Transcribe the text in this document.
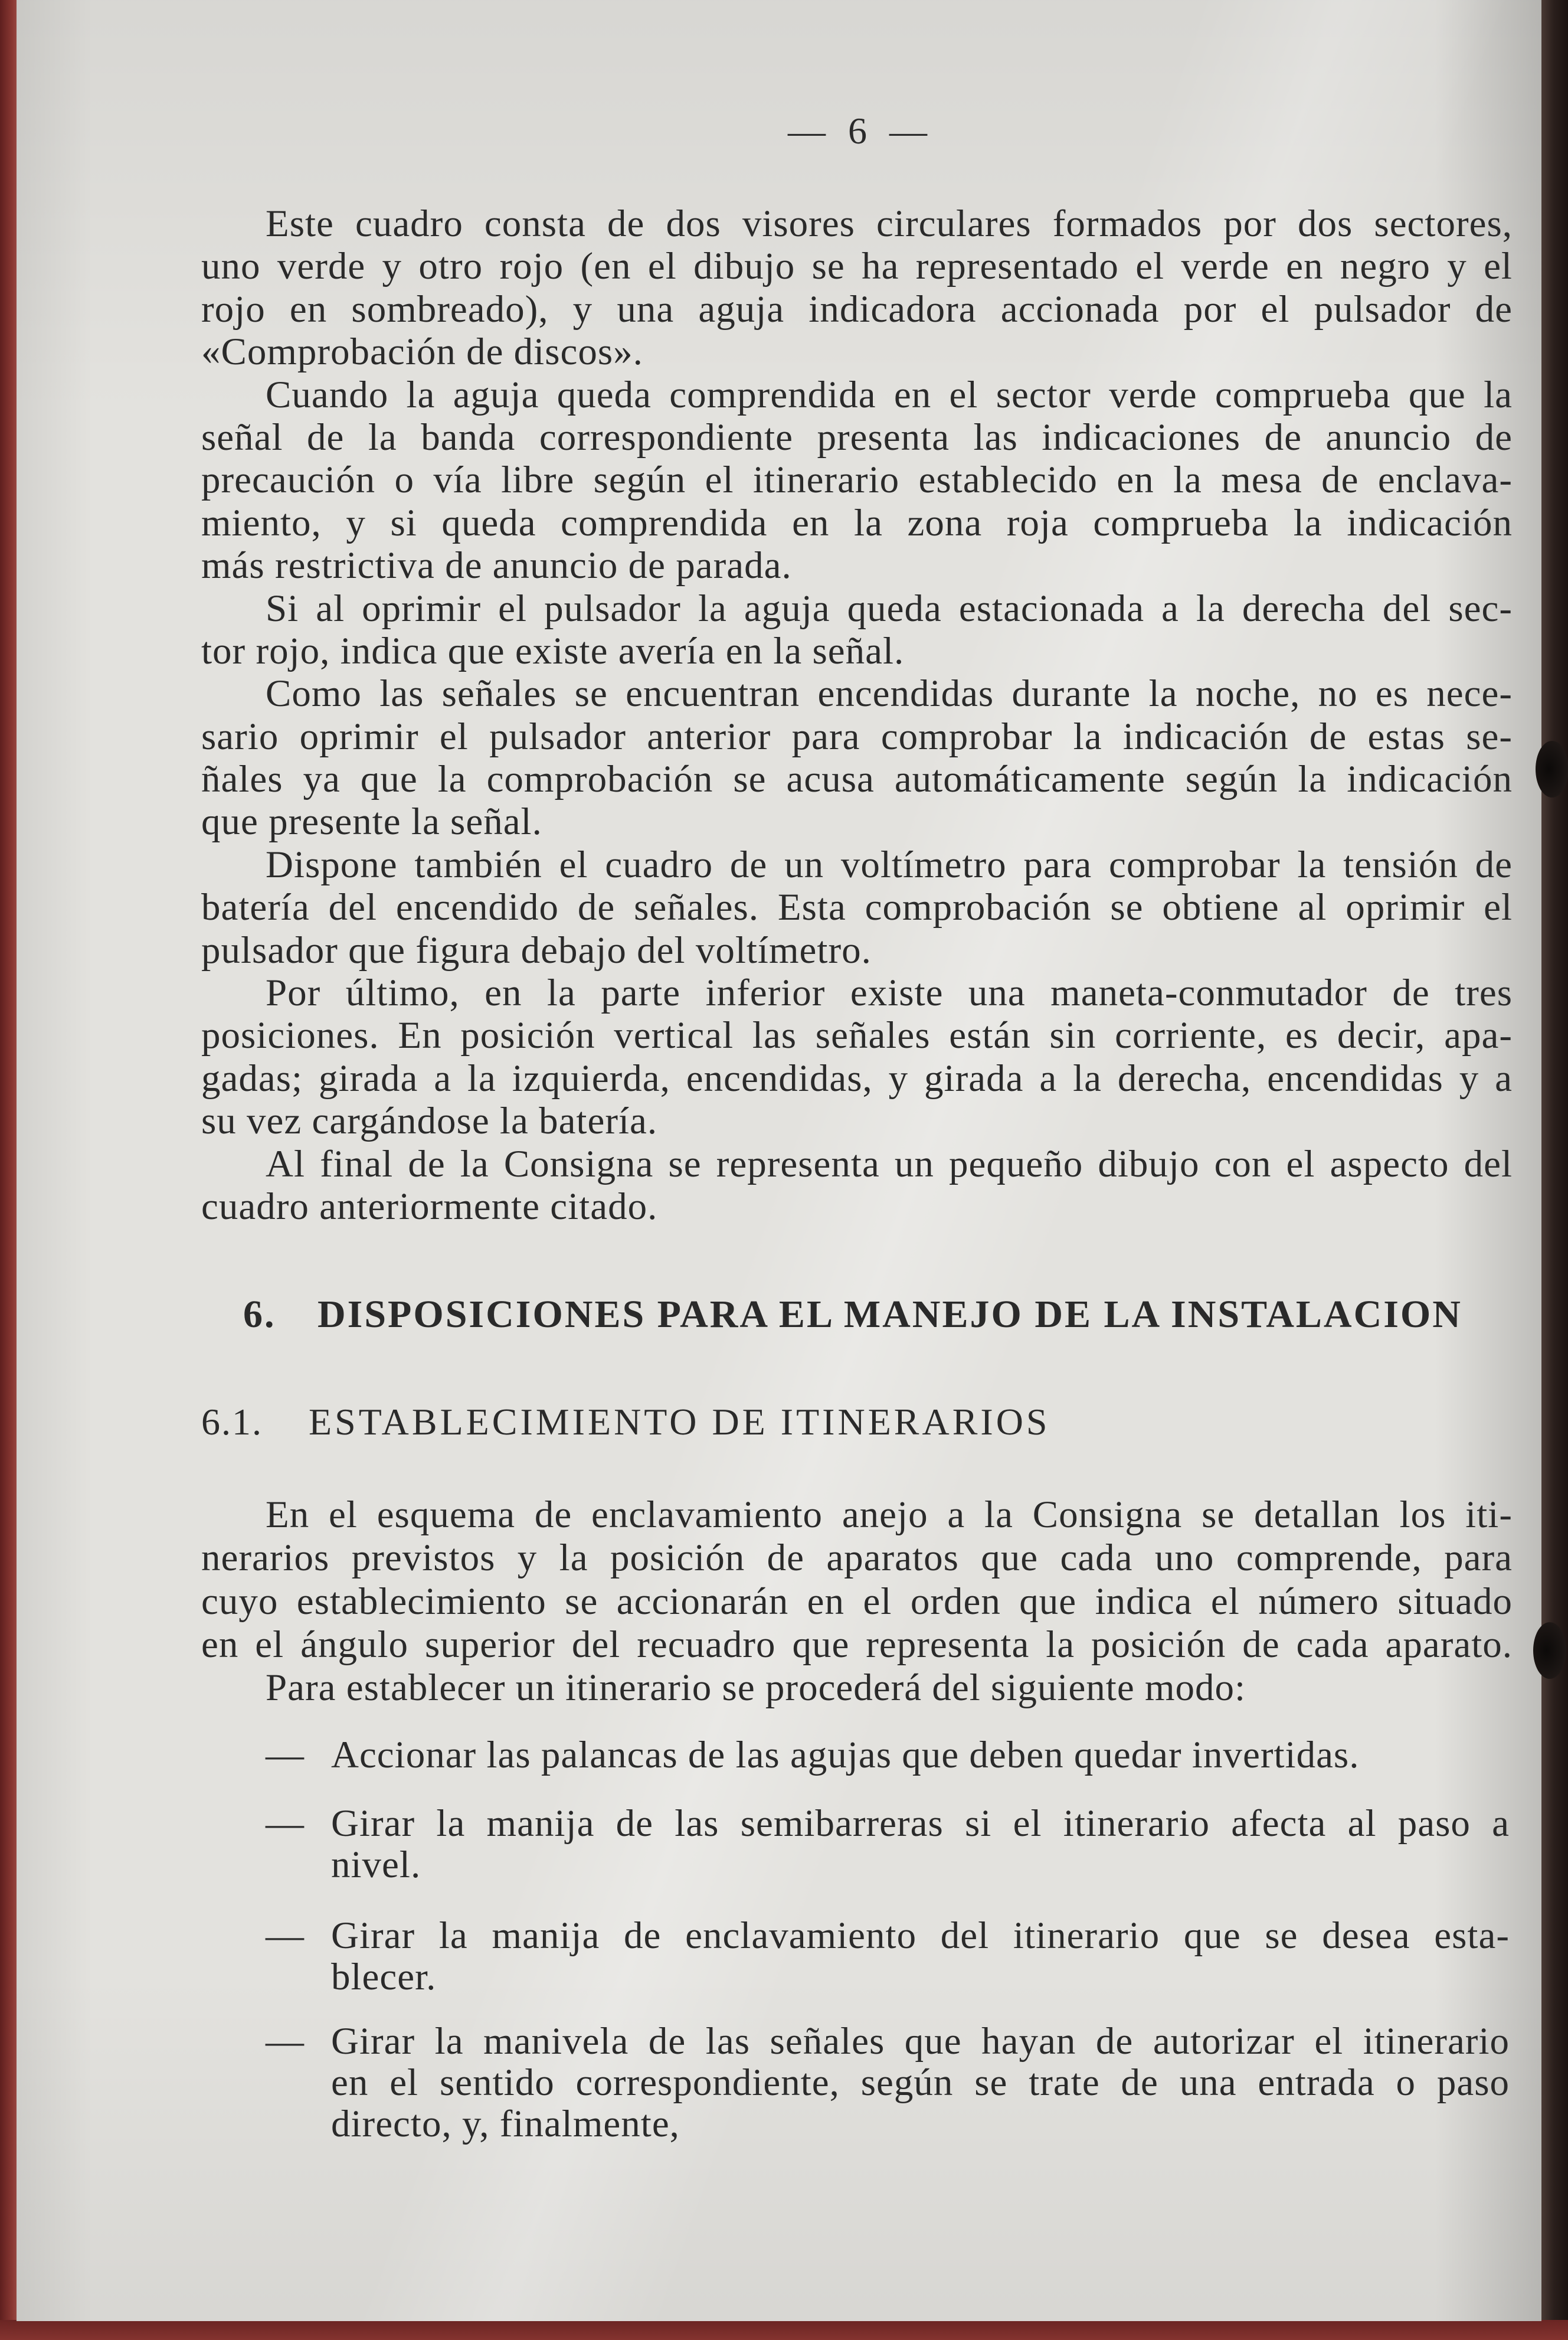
— 6 —
Este cuadro consta de dos visores circulares formados por dos sectores,
uno verde y otro rojo (en el dibujo se ha representado el verde en negro y el
rojo en sombreado), y una aguja indicadora accionada por el pulsador de
«Comprobación de discos».
Cuando la aguja queda comprendida en el sector verde comprueba que la
señal de la banda correspondiente presenta las indicaciones de anuncio de
precaución o vía libre según el itinerario establecido en la mesa de enclava-
miento, y si queda comprendida en la zona roja comprueba la indicación
más restrictiva de anuncio de parada.
Si al oprimir el pulsador la aguja queda estacionada a la derecha del sec-
tor rojo, indica que existe avería en la señal.
Como las señales se encuentran encendidas durante la noche, no es nece-
sario oprimir el pulsador anterior para comprobar la indicación de estas se-
ñales ya que la comprobación se acusa automáticamente según la indicación
que presente la señal.
Dispone también el cuadro de un voltímetro para comprobar la tensión de
batería del encendido de señales. Esta comprobación se obtiene al oprimir el
pulsador que figura debajo del voltímetro.
Por último, en la parte inferior existe una maneta-conmutador de tres
posiciones. En posición vertical las señales están sin corriente, es decir, apa-
gadas; girada a la izquierda, encendidas, y girada a la derecha, encendidas y a
su vez cargándose la batería.
Al final de la Consigna se representa un pequeño dibujo con el aspecto del
cuadro anteriormente citado.
6. DISPOSICIONES PARA EL MANEJO DE LA INSTALACION
6.1. ESTABLECIMIENTO DE ITINERARIOS
En el esquema de enclavamiento anejo a la Consigna se detallan los iti-
nerarios previstos y la posición de aparatos que cada uno comprende, para
cuyo establecimiento se accionarán en el orden que indica el número situado
en el ángulo superior del recuadro que representa la posición de cada aparato.
Para establecer un itinerario se procederá del siguiente modo:
— Accionar las palancas de las agujas que deben quedar invertidas.
— Girar la manija de las semibarreras si el itinerario afecta al paso a
nivel.
— Girar la manija de enclavamiento del itinerario que se desea esta-
blecer.
— Girar la manivela de las señales que hayan de autorizar el itinerario
en el sentido correspondiente, según se trate de una entrada o paso
directo, y, finalmente,
